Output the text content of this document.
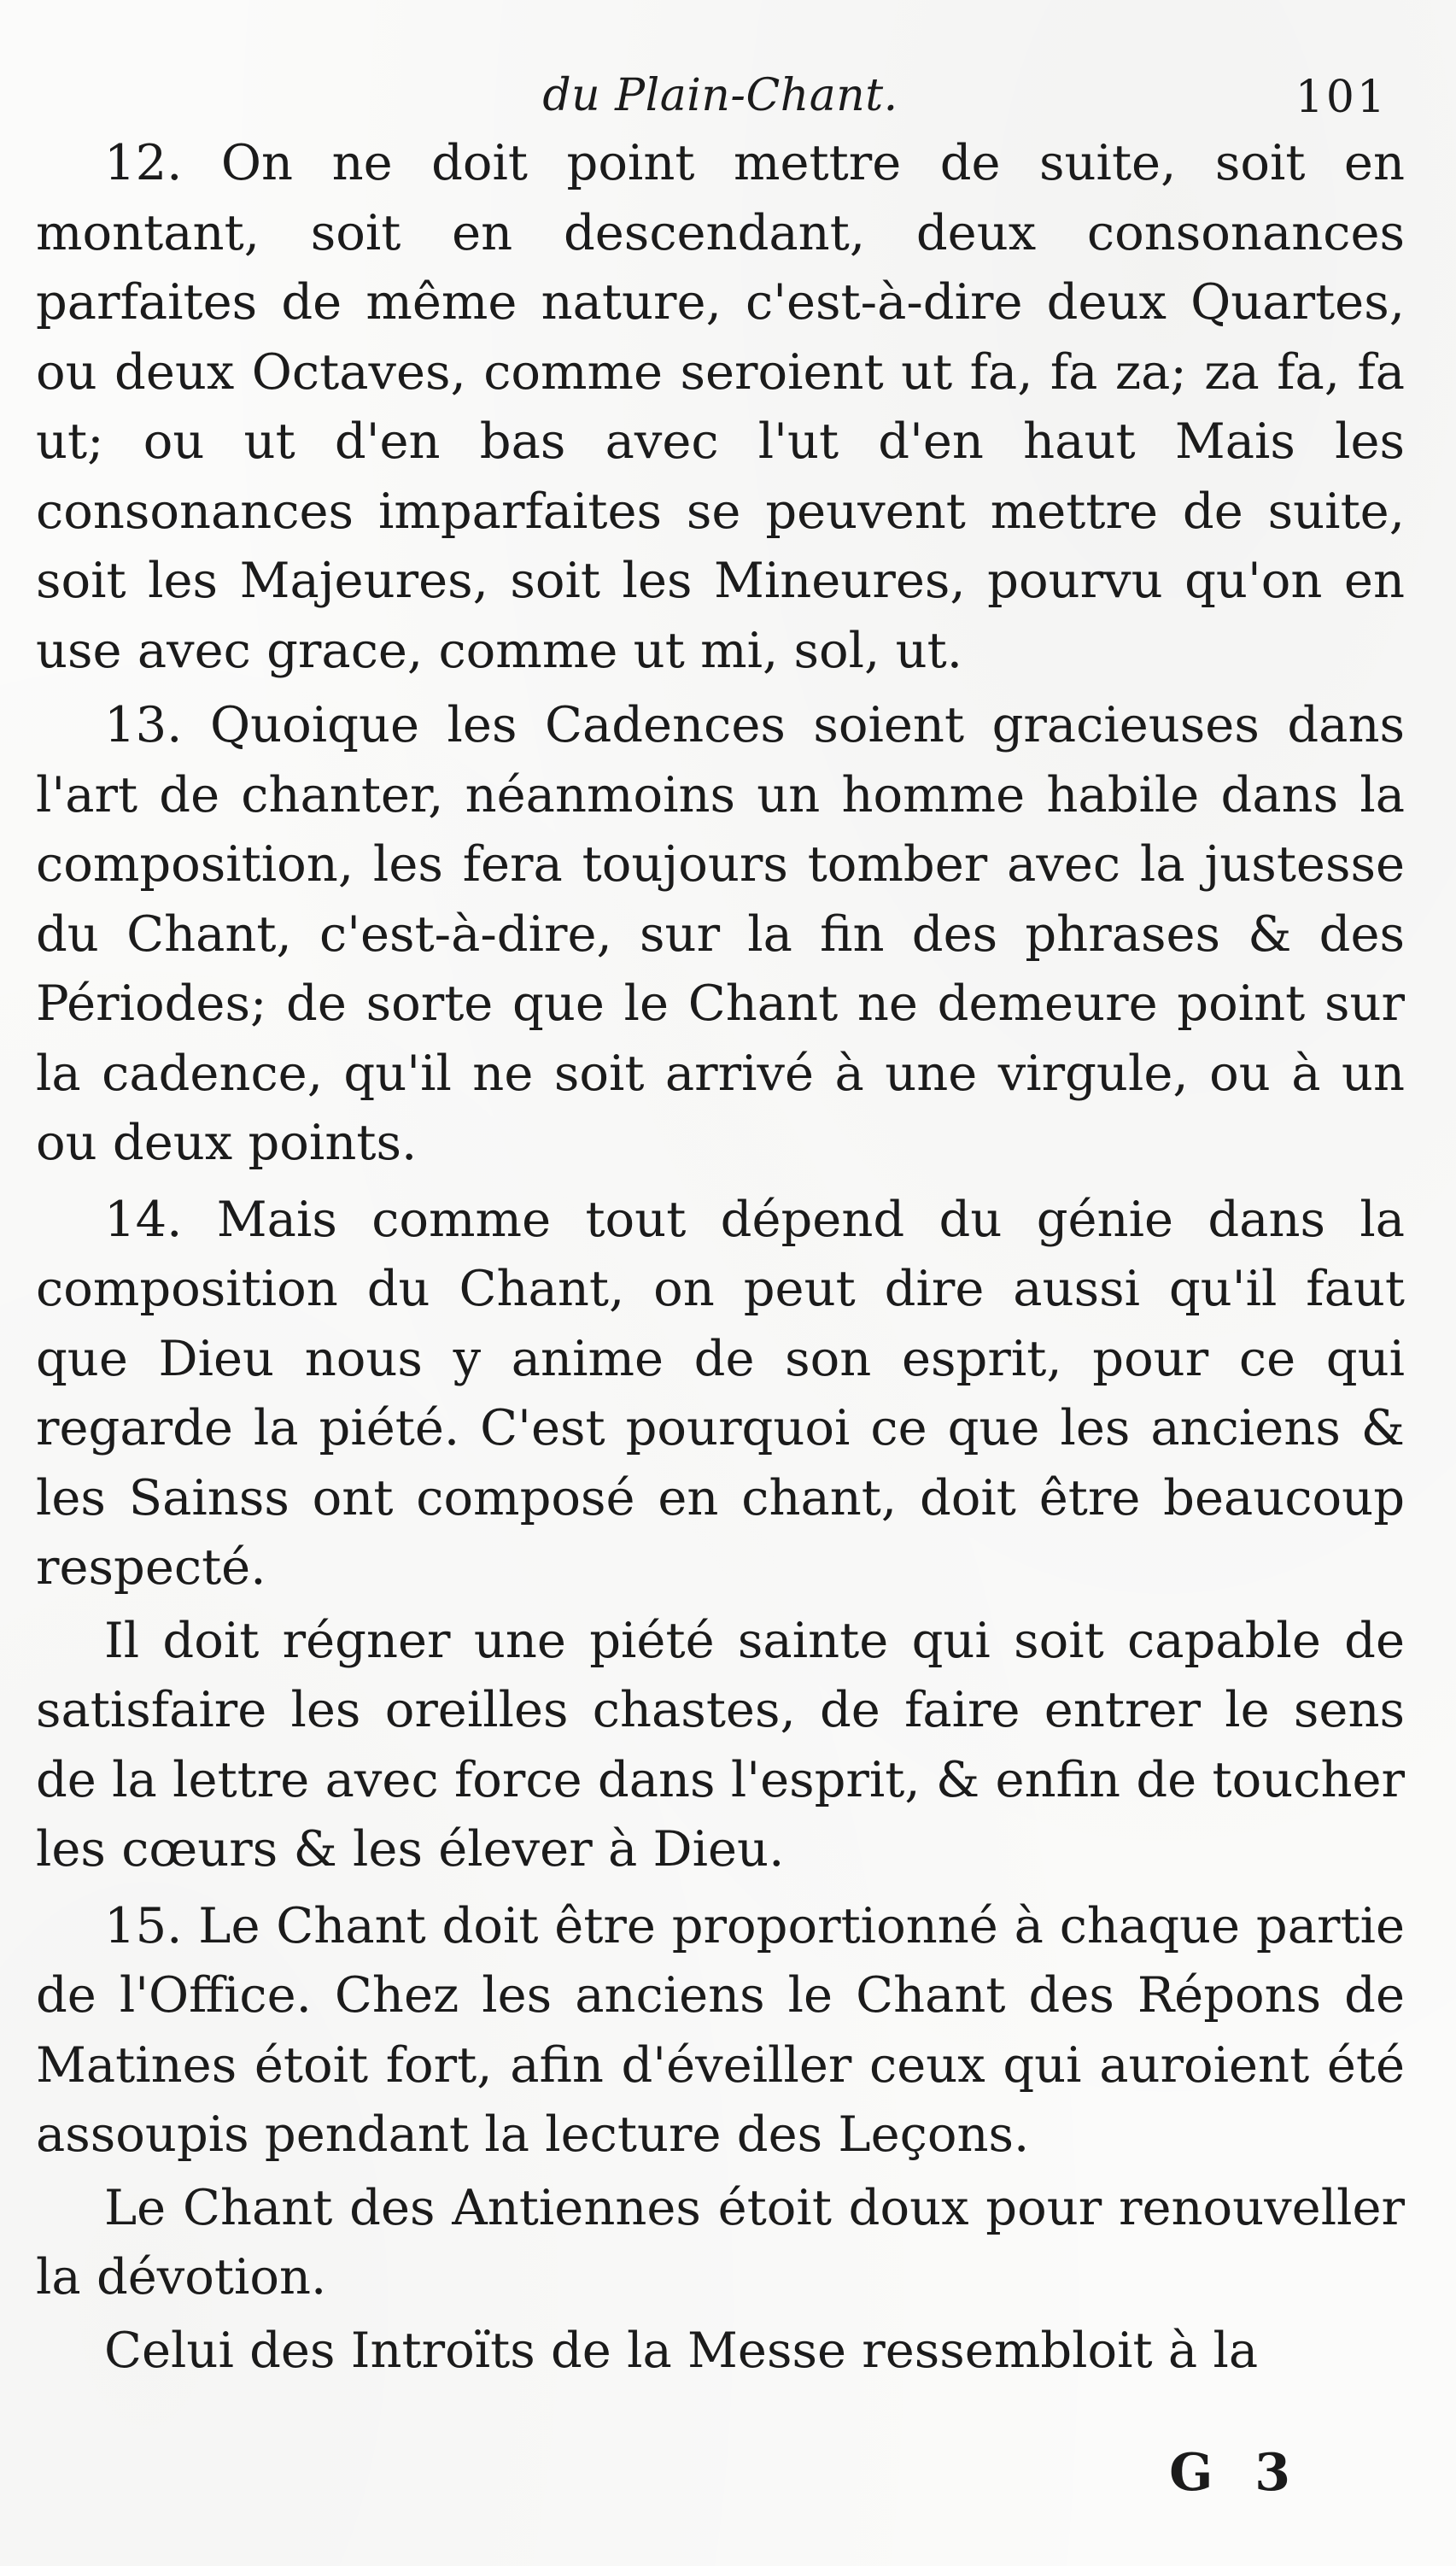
du Plain-Chant.	101

12. On ne doit point mettre de suite, soit en montant, soit en descendant, deux consonances parfaites de même nature, c'est-à-dire deux Quartes, ou deux Octaves, comme seroient ut fa, fa za; za fa, fa ut; ou ut d'en bas avec l'ut d'en haut Mais les consonances imparfaites se peuvent mettre de suite, soit les Majeures, soit les Mineures, pourvu qu'on en use avec grace, comme ut mi, sol, ut.

13. Quoique les Cadences soient gracieuses dans l'art de chanter, néanmoins un homme habile dans la composition, les fera toujours tomber avec la justesse du Chant, c'est-à-dire, sur la fin des phrases & des Périodes; de sorte que le Chant ne demeure point sur la cadence, qu'il ne soit arrivé à une virgule, ou à un ou deux points.

14. Mais comme tout dépend du génie dans la composition du Chant, on peut dire aussi qu'il faut que Dieu nous y anime de son esprit, pour ce qui regarde la piété. C'est pourquoi ce que les anciens & les Sainss ont composé en chant, doit être beaucoup respecté.

Il doit régner une piété sainte qui soit capable de satisfaire les oreilles chastes, de faire entrer le sens de la lettre avec force dans l'esprit, & enfin de toucher les cœurs & les élever à Dieu.

15. Le Chant doit être proportionné à chaque partie de l'Office. Chez les anciens le Chant des Répons de Matines étoit fort, afin d'éveiller ceux qui auroient été assoupis pendant la lecture des Leçons.

Le Chant des Antiennes étoit doux pour renouveller la dévotion.

Celui des Introïts de la Messe ressembloit à la

G 3
